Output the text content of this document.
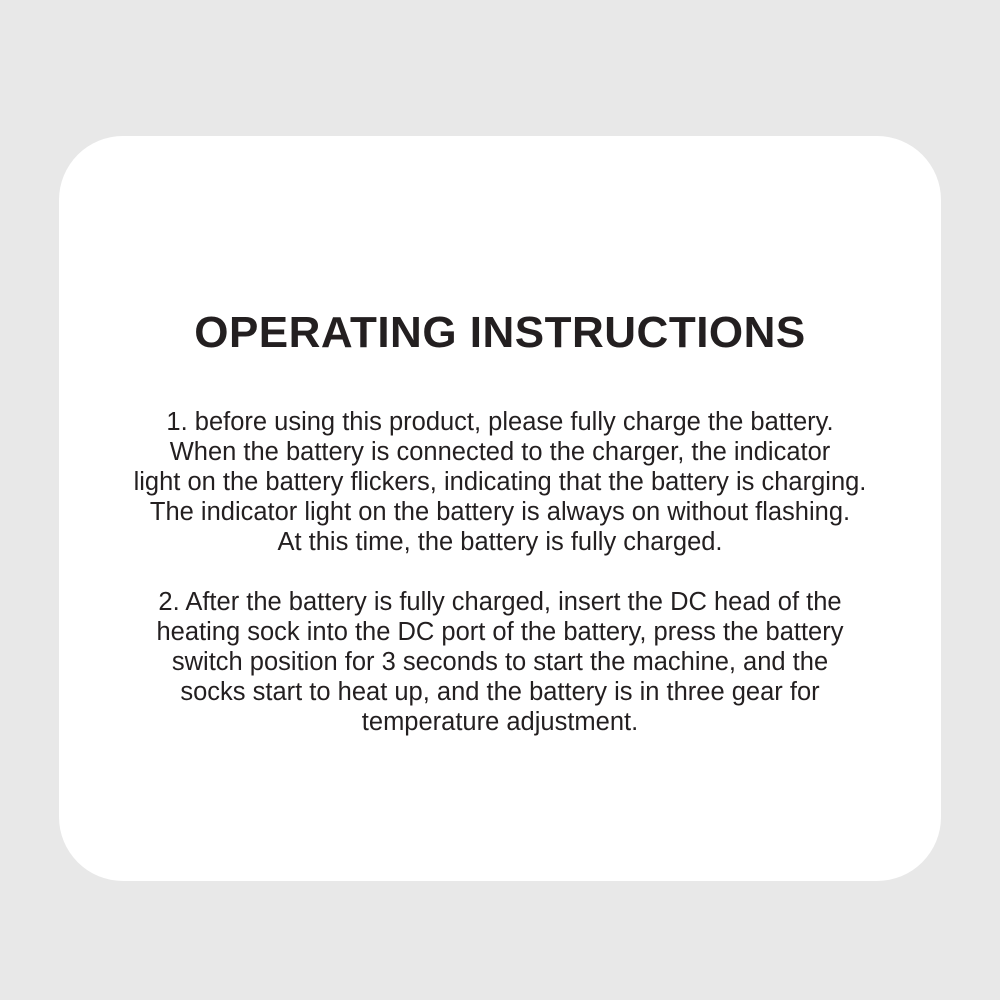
OPERATING INSTRUCTIONS

1. before using this product, please fully charge the battery.
When the battery is connected to the charger, the indicator
light on the battery flickers, indicating that the battery is charging.
The indicator light on the battery is always on without flashing.
At this time, the battery is fully charged.

2. After the battery is fully charged, insert the DC head of the
heating sock into the DC port of the battery, press the battery
switch position for 3 seconds to start the machine, and the
socks start to heat up, and the battery is in three gear for
temperature adjustment.
